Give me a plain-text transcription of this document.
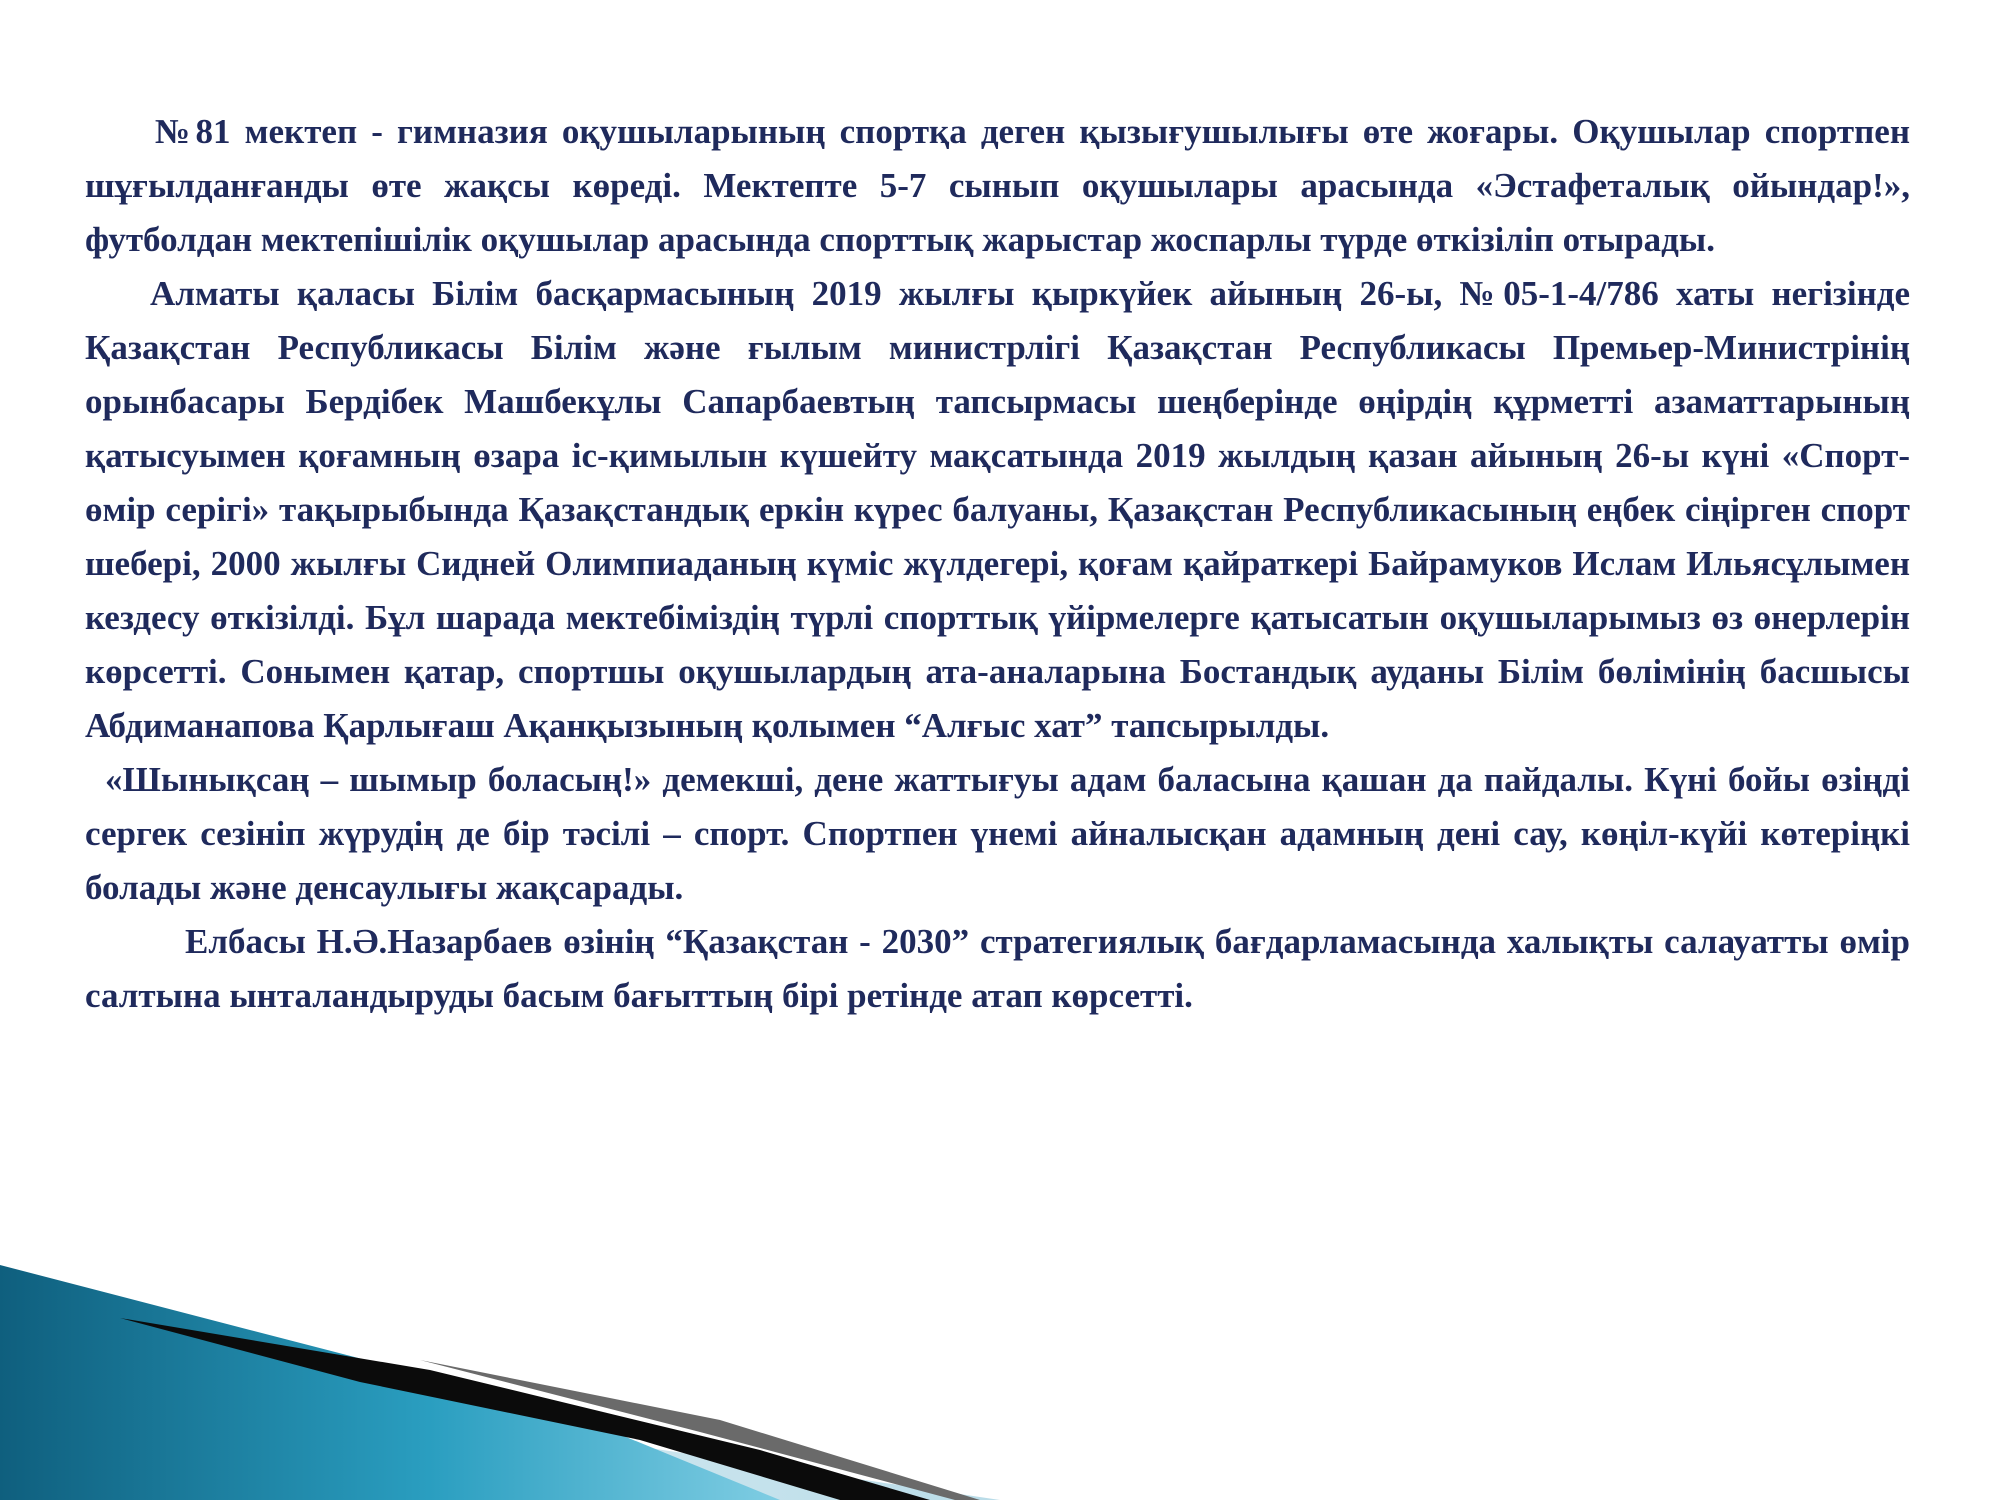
№81 мектеп - гимназия оқушыларының спортқа деген қызығушылығы өте жоғары. Оқушылар спортпен шұғылданғанды өте жақсы көреді. Мектепте 5-7 сынып оқушылары арасында «Эстафеталық ойындар!», футболдан мектепішілік оқушылар арасында спорттық жарыстар жоспарлы түрде өткізіліп отырады.

Алматы қаласы Білім басқармасының 2019 жылғы қыркүйек айының 26-ы, №05-1-4/786 хаты негізінде Қазақстан Республикасы Білім және ғылым министрлігі Қазақстан Республикасы Премьер-Министрінің орынбасары Бердібек Машбекұлы Сапарбаевтың тапсырмасы шеңберінде өңірдің құрметті азаматтарының қатысуымен қоғамның өзара іс-қимылын күшейту мақсатында 2019 жылдың қазан айының 26-ы күні «Спорт-өмір серігі» тақырыбында Қазақстандық еркін күрес балуаны, Қазақстан Республикасының еңбек сіңірген спорт шебері, 2000 жылғы Сидней Олимпиаданың күміс жүлдегері, қоғам қайраткері Байрамуков Ислам Ильясұлымен кездесу өткізілді. Бұл шарада мектебіміздің түрлі спорттық үйірмелерге қатысатын оқушыларымыз өз өнерлерін көрсетті. Сонымен қатар, спортшы оқушылардың ата-аналарына Бостандық ауданы Білім бөлімінің басшысы Абдиманапова Қарлығаш Ақанқызының қолымен “Алғыс хат” тапсырылды.

«Шынықсаң – шымыр боласың!» демекші, дене жаттығуы адам баласына қашан да пайдалы. Күні бойы өзіңді сергек сезініп жүрудің де бір тәсілі – спорт. Спортпен үнемі айналысқан адамның дені сау, көңіл-күйі көтеріңкі болады және денсаулығы жақсарады.

Елбасы Н.Ә.Назарбаев өзінің “Қазақстан - 2030” стратегиялық бағдарламасында халықты салауатты өмір салтына ынталандыруды басым бағыттың бірі ретінде атап көрсетті.
